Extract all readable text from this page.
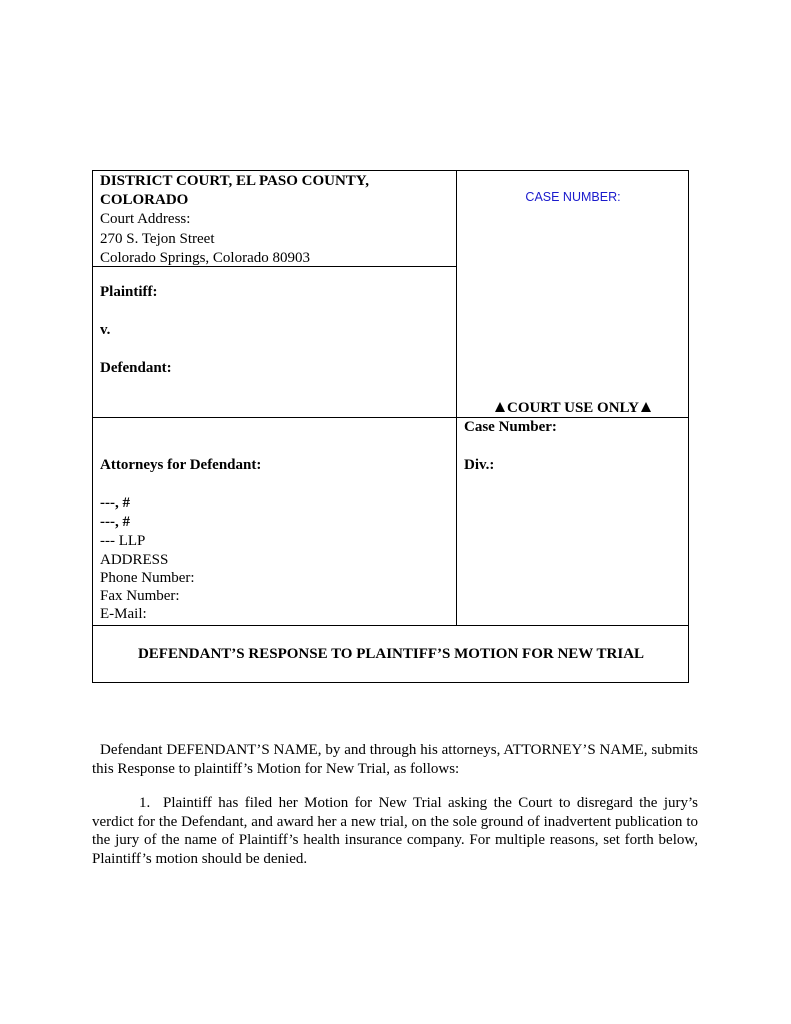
DISTRICT COURT, EL PASO COUNTY,
COLORADO
Court Address:
270 S. Tejon Street
Colorado Springs, Colorado 80903
Plaintiff:
v.
Defendant:
CASE NUMBER:
COURT USE ONLY
Attorneys for Defendant:
---, #
---, #
--- LLP
ADDRESS
Phone Number:
Fax Number:
E-Mail:
Case Number:
Div.:
DEFENDANT’S RESPONSE TO PLAINTIFF’S MOTION FOR NEW TRIAL

Defendant DEFENDANT’S NAME, by and through his attorneys, ATTORNEY’S NAME, submits this Response to plaintiff’s Motion for New Trial, as follows:

1. Plaintiff has filed her Motion for New Trial asking the Court to disregard the jury’s verdict for the Defendant, and award her a new trial, on the sole ground of inadvertent publication to the jury of the name of Plaintiff’s health insurance company. For multiple reasons, set forth below, Plaintiff’s motion should be denied.
